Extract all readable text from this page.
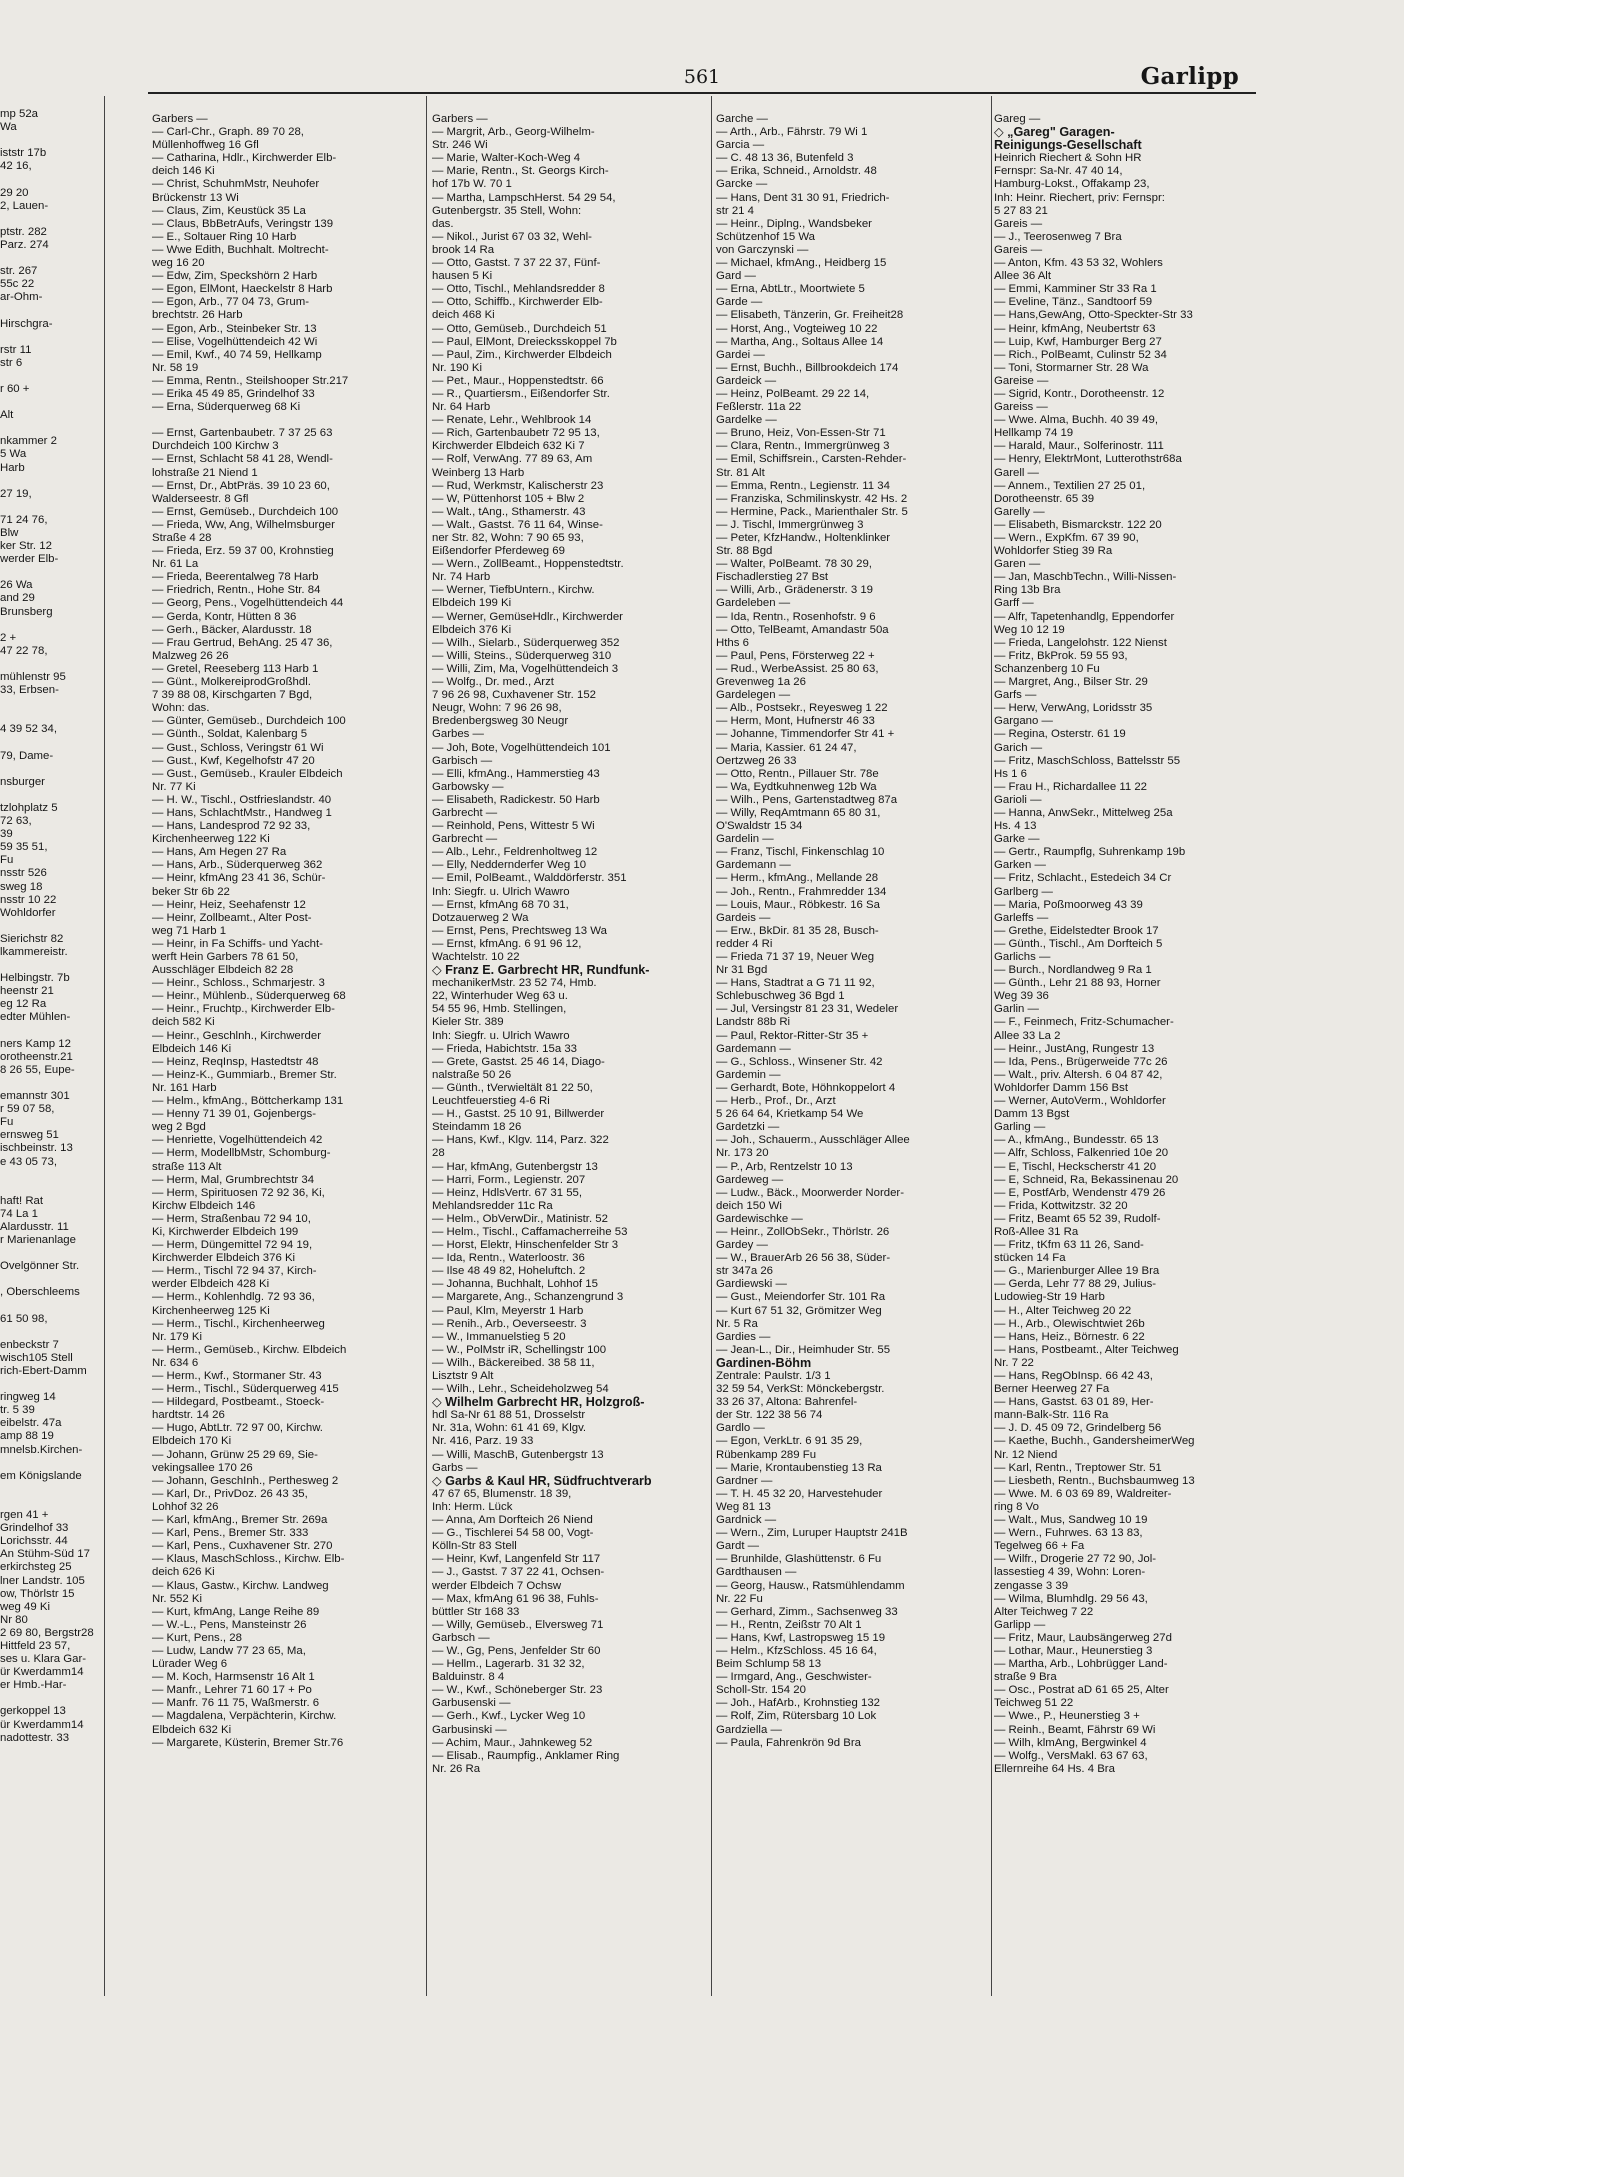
561	Garlipp
mp 52a
Wa

iststr 17b
42 16,

29 20
2, Lauen-

ptstr. 282
Parz. 274

str. 267
55c 22
ar-Ohm-

Hirschgra-

rstr 11
str 6

r 60 +

Alt

nkammer 2
5 Wa
Harb

27 19,

71 24 76,
Blw
ker Str. 12
werder Elb-

26 Wa
and 29
Brunsberg

2 +
47 22 78,

mühlenstr 95
33, Erbsen-

4 39 52 34,

79, Dame-

nsburger

tzlohplatz 5
72 63,
39
59 35 51,
Fu
nsstr 526
sweg 18
nsstr 10 22
Wohldorfer

Sierichstr 82
lkammereistr.

Helbingstr. 7b
heenstr 21
eg 12 Ra
edter Mühlen-

ners Kamp 12
orotheenstr.21
8 26 55, Eupe-

emannstr 301
r 59 07 58,
Fu
ernsweg 51
ischbeinstr. 13
e 43 05 73,

haft! Rat
74 La 1
Alardusstr. 11
r Marienanlage

Ovelgönner Str.

, Oberschleems

61 50 98,

enbeckstr 7
wisch105 Stell
rich-Ebert-Damm

ringweg 14
tr. 5 39
eibelstr. 47a
amp 88 19
mnelsb.Kirchen-

em Königslande

rgen 41 +
Grindelhof 33
Lorichsstr. 44
An Stühm-Süd 17
erkirchsteg 25
lner Landstr. 105
ow, Thörlstr 15
weg 49 Ki
Nr 80
2 69 80, Bergstr28
Hittfeld 23 57,
ses u. Klara Gar-
ür Kwerdamm14
er Hmb.-Har-

gerkoppel 13
ür Kwerdamm14
nadottestr. 33
Garbers —
— Carl-Chr., Graph. 89 70 28,
Müllenhoffweg 16 Gfl
— Catharina, Hdlr., Kirchwerder Elb-
deich 146 Ki
— Christ, SchuhmMstr, Neuhofer
Brückenstr 13 Wi
— Claus, Zim, Keustück 35 La
— Claus, BbBetrAufs, Veringstr 139
— E., Soltauer Ring 10 Harb
— Wwe Edith, Buchhalt. Moltrecht-
weg 16 20
— Edw, Zim, Speckshörn 2 Harb
— Egon, ElMont, Haeckelstr 8 Harb
— Egon, Arb., 77 04 73, Grum-
brechtstr. 26 Harb
— Egon, Arb., Steinbeker Str. 13
— Elise, Vogelhüttendeich 42 Wi
— Emil, Kwf., 40 74 59, Hellkamp
Nr. 58 19
— Emma, Rentn., Steilshooper Str.217
— Erika 45 49 85, Grindelhof 33
— Erna, Süderquerweg 68 Ki

— Ernst, Gartenbaubetr. 7 37 25 63
Durchdeich 100 Kirchw 3
— Ernst, Schlacht 58 41 28, Wendl-
lohstraße 21 Niend 1
— Ernst, Dr., AbtPräs. 39 10 23 60,
Walderseestr. 8 Gfl
— Ernst, Gemüseb., Durchdeich 100
— Frieda, Ww, Ang, Wilhelmsburger
Straße 4 28
— Frieda, Erz. 59 37 00, Krohnstieg
Nr. 61 La
— Frieda, Beerentalweg 78 Harb
— Friedrich, Rentn., Hohe Str. 84
— Georg, Pens., Vogelhüttendeich 44
— Gerda, Kontr, Hütten 8 36
— Gerh., Bäcker, Alardusstr. 18
— Frau Gertrud, BehAng. 25 47 36,
Malzweg 26 26
— Gretel, Reeseberg 113 Harb 1
— Günt., MolkereiprodGroßhdl.
7 39 88 08, Kirschgarten 7 Bgd,
Wohn: das.
— Günter, Gemüseb., Durchdeich 100
— Günth., Soldat, Kalenbarg 5
— Gust., Schloss, Veringstr 61 Wi
— Gust., Kwf, Kegelhofstr 47 20
— Gust., Gemüseb., Krauler Elbdeich
Nr. 77 Ki
— H. W., Tischl., Ostfrieslandstr. 40
— Hans, SchlachtMstr., Handweg 1
— Hans, Landesprod 72 92 33,
Kirchenheerweg 122 Ki
— Hans, Am Hegen 27 Ra
— Hans, Arb., Süderquerweg 362
— Heinr, kfmAng 23 41 36, Schür-
beker Str 6b 22
— Heinr, Heiz, Seehafenstr 12
— Heinr, Zollbeamt., Alter Post-
weg 71 Harb 1
— Heinr, in Fa Schiffs- und Yacht-
werft Hein Garbers 78 61 50,
Ausschläger Elbdeich 82 28
— Heinr., Schloss., Schmarjestr. 3
— Heinr., Mühlenb., Süderquerweg 68
— Heinr., Fruchtp., Kirchwerder Elb-
deich 582 Ki
— Heinr., Geschlnh., Kirchwerder
Elbdeich 146 Ki
— Heinz, ReqInsp, Hastedtstr 48
— Heinz-K., Gummiarb., Bremer Str.
Nr. 161 Harb
— Helm., kfmAng., Böttcherkamp 131
— Henny 71 39 01, Gojenbergs-
weg 2 Bgd
— Henriette, Vogelhüttendeich 42
— Herm, ModellbMstr, Schomburg-
straße 113 Alt
— Herm, Mal, Grumbrechtstr 34
— Herm, Spirituosen 72 92 36, Ki,
Kirchw Elbdeich 146
— Herm, Straßenbau 72 94 10,
Ki, Kirchwerder Elbdeich 199
— Herm, Düngemittel 72 94 19,
Kirchwerder Elbdeich 376 Ki
— Herm., Tischl 72 94 37, Kirch-
werder Elbdeich 428 Ki
— Herm., Kohlenhdlg. 72 93 36,
Kirchenheerweg 125 Ki
— Herm., Tischl., Kirchenheerweg
Nr. 179 Ki
— Herm., Gemüseb., Kirchw. Elbdeich
Nr. 634 6
— Herm., Kwf., Stormaner Str. 43
— Herm., Tischl., Süderquerweg 415
— Hildegard, Postbeamt., Stoeck-
hardtstr. 14 26
— Hugo, AbtLtr. 72 97 00, Kirchw.
Elbdeich 170 Ki
— Johann, Grünw 25 29 69, Sie-
vekingsallee 170 26
— Johann, GeschInh., Perthesweg 2
— Karl, Dr., PrivDoz. 26 43 35,
Lohhof 32 26
— Karl, kfmAng., Bremer Str. 269a
— Karl, Pens., Bremer Str. 333
— Karl, Pens., Cuxhavener Str. 270
— Klaus, MaschSchloss., Kirchw. Elb-
deich 626 Ki
— Klaus, Gastw., Kirchw. Landweg
Nr. 552 Ki
— Kurt, kfmAng, Lange Reihe 89
— W.-L., Pens, Mansteinstr 26
— Kurt, Pens., 28
— Ludw, Landw 77 23 65, Ma,
Lürader Weg 6
— M. Koch, Harmsenstr 16 Alt 1
— Manfr., Lehrer 71 60 17 + Po
— Manfr. 76 11 75, Waßmerstr. 6
— Magdalena, Verpächterin, Kirchw.
Elbdeich 632 Ki
— Margarete, Küsterin, Bremer Str.76
Garbers —
— Margrit, Arb., Georg-Wilhelm-
Str. 246 Wi
— Marie, Walter-Koch-Weg 4
— Marie, Rentn., St. Georgs Kirch-
hof 17b W. 70 1
— Martha, LampschHerst. 54 29 54,
Gutenbergstr. 35 Stell, Wohn:
das.
— Nikol., Jurist 67 03 32, Wehl-
brook 14 Ra
— Otto, Gastst. 7 37 22 37, Fünf-
hausen 5 Ki
— Otto, Tischl., Mehlandsredder 8
— Otto, Schiffb., Kirchwerder Elb-
deich 468 Ki
— Otto, Gemüseb., Durchdeich 51
— Paul, ElMont, Dreiecksskoppel 7b
— Paul, Zim., Kirchwerder Elbdeich
Nr. 190 Ki
— Pet., Maur., Hoppenstedtstr. 66
— R., Quartiersm., Eißendorfer Str.
Nr. 64 Harb
— Renate, Lehr., Wehlbrook 14
— Rich, Gartenbaubetr 72 95 13,
Kirchwerder Elbdeich 632 Ki 7
— Rolf, VerwAng. 77 89 63, Am
Weinberg 13 Harb
— Rud, Werkmstr, Kalischerstr 23
— W, Püttenhorst 105 + Blw 2
— Walt., tAng., Sthamerstr. 43
— Walt., Gastst. 76 11 64, Winse-
ner Str. 82, Wohn: 7 90 65 93,
Eißendorfer Pferdeweg 69
— Wern., ZollBeamt., Hoppenstedtstr.
Nr. 74 Harb
— Werner, TiefbUntern., Kirchw.
Elbdeich 199 Ki
— Werner, GemüseHdlr., Kirchwerder
Elbdeich 376 Ki
— Wilh., Sielarb., Süderquerweg 352
— Willi, Steins., Süderquerweg 310
— Willi, Zim, Ma, Vogelhüttendeich 3
— Wolfg., Dr. med., Arzt
7 96 26 98, Cuxhavener Str. 152
Neugr, Wohn: 7 96 26 98,
Bredenbergsweg 30 Neugr
Garbes —
— Joh, Bote, Vogelhüttendeich 101
Garbisch —
— Elli, kfmAng., Hammerstieg 43
Garbowsky —
— Elisabeth, Radickestr. 50 Harb
Garbrecht —
— Reinhold, Pens, Wittestr 5 Wi
Garbrecht —
— Alb., Lehr., Feldrenholtweg 12
— Elly, Neddernderfer Weg 10
— Emil, PolBeamt., Walddörferstr. 351
Inh: Siegfr. u. Ulrich Wawro
— Ernst, kfmAng 68 70 31,
Dotzauerweg 2 Wa
— Ernst, Pens, Prechtsweg 13 Wa
— Ernst, kfmAng. 6 91 96 12,
Wachtelstr. 10 22
◇ Franz E. Garbrecht HR, Rundfunk-
mechanikerMstr. 23 52 74, Hmb.
22, Winterhuder Weg 63 u.
54 55 96, Hmb. Stellingen,
Kieler Str. 389
Inh: Siegfr. u. Ulrich Wawro
— Frieda, Habichtstr. 15a 33
— Grete, Gastst. 25 46 14, Diago-
nalstraße 50 26
— Günth., tVerwieltält 81 22 50,
Leuchtfeuerstieg 4-6 Ri
— H., Gastst. 25 10 91, Billwerder
Steindamm 18 26
— Hans, Kwf., Klgv. 114, Parz. 322
28
— Har, kfmAng, Gutenbergstr 13
— Harri, Form., Legienstr. 207
— Heinz, HdlsVertr. 67 31 55,
Mehlandsredder 11c Ra
— Helm., ObVerwDir., Matinistr. 52
— Helm., Tischl., Caffamacherreihe 53
— Horst, Elektr, Hinschenfelder Str 3
— Ida, Rentn., Waterloostr. 36
— Ilse 48 49 82, Hoheluftch. 2
— Johanna, Buchhalt, Lohhof 15
— Margarete, Ang., Schanzengrund 3
— Paul, Klm, Meyerstr 1 Harb
— Renih., Arb., Oeverseestr. 3
— W., Immanuelstieg 5 20
— W., PolMstr iR, Schellingstr 100
— Wilh., Bäckereibed. 38 58 11,
Lisztstr 9 Alt
— Wilh., Lehr., Scheideholzweg 54
◇ Wilhelm Garbrecht HR, Holzgroß-
hdl Sa-Nr 61 88 51, Drosselstr
Nr. 31a, Wohn: 61 41 69, Klgv.
Nr. 416, Parz. 19 33
— Willi, MaschB, Gutenbergstr 13
Garbs —
◇ Garbs & Kaul HR, Südfruchtverarb
47 67 65, Blumenstr. 18 39,
Inh: Herm. Lück
— Anna, Am Dorfteich 26 Niend
— G., Tischlerei 54 58 00, Vogt-
Kölln-Str 83 Stell
— Heinr, Kwf, Langenfeld Str 117
— J., Gastst. 7 37 22 41, Ochsen-
werder Elbdeich 7 Ochsw
— Max, kfmAng 61 96 38, Fuhls-
büttler Str 168 33
— Willy, Gemüseb., Elversweg 71
Garbsch —
— W., Gg, Pens, Jenfelder Str 60
— Hellm., Lagerarb. 31 32 32,
Balduinstr. 8 4
— W., Kwf., Schöneberger Str. 23
Garbusenski —
— Gerh., Kwf., Lycker Weg 10
Garbusinski —
— Achim, Maur., Jahnkeweg 52
— Elisab., Raumpfig., Anklamer Ring
Nr. 26 Ra
Garche —
— Arth., Arb., Fährstr. 79 Wi 1
Garcia —
— C. 48 13 36, Butenfeld 3
— Erika, Schneid., Arnoldstr. 48
Garcke —
— Hans, Dent 31 30 91, Friedrich-
str 21 4
— Heinr., Diplng., Wandsbeker
Schützenhof 15 Wa
von Garczynski —
— Michael, kfmAng., Heidberg 15
Gard —
— Erna, AbtLtr., Moortwiete 5
Garde —
— Elisabeth, Tänzerin, Gr. Freiheit28
— Horst, Ang., Vogteiweg 10 22
— Martha, Ang., Soltaus Allee 14
Gardei —
— Ernst, Buchh., Billbrookdeich 174
Gardeick —
— Heinz, PolBeamt. 29 22 14,
Feßlerstr. 11a 22
Gardelke —
— Bruno, Heiz, Von-Essen-Str 71
— Clara, Rentn., Immergrünweg 3
— Emil, Schiffsrein., Carsten-Rehder-
Str. 81 Alt
— Emma, Rentn., Legienstr. 11 34
— Franziska, Schmilinskystr. 42 Hs. 2
— Hermine, Pack., Marienthaler Str. 5
— J. Tischl, Immergrünweg 3
— Peter, KfzHandw., Holtenklinker
Str. 88 Bgd
— Walter, PolBeamt. 78 30 29,
Fischadlerstieg 27 Bst
— Willi, Arb., Grädenerstr. 3 19
Gardeleben —
— Ida, Rentn., Rosenhofstr. 9 6
— Otto, TelBeamt, Amandastr 50a
Hths 6
— Paul, Pens, Försterweg 22 +
— Rud., WerbeAssist. 25 80 63,
Grevenweg 1a 26
Gardelegen —
— Alb., Postsekr., Reyesweg 1 22
— Herm, Mont, Hufnerstr 46 33
— Johanne, Timmendorfer Str 41 +
— Maria, Kassier. 61 24 47,
Oertzweg 26 33
— Otto, Rentn., Pillauer Str. 78e
— Wa, Eydtkuhnenweg 12b Wa
— Wilh., Pens, Gartenstadtweg 87a
— Willy, ReqAmtmann 65 80 31,
O'Swaldstr 15 34
Gardelin —
— Franz, Tischl, Finkenschlag 10
Gardemann —
— Herm., kfmAng., Mellande 28
— Joh., Rentn., Frahmredder 134
— Louis, Maur., Röbkestr. 16 Sa
Gardeis —
— Erw., BkDir. 81 35 28, Busch-
redder 4 Ri
— Frieda 71 37 19, Neuer Weg
Nr 31 Bgd
— Hans, Stadtrat a G 71 11 92,
Schlebuschweg 36 Bgd 1
— Jul, Versingstr 81 23 31, Wedeler
Landstr 88b Ri
— Paul, Rektor-Ritter-Str 35 +
Gardemann —
— G., Schloss., Winsener Str. 42
Gardemin —
— Gerhardt, Bote, Höhnkoppelort 4
— Herb., Prof., Dr., Arzt
5 26 64 64, Krietkamp 54 We
Gardetzki —
— Joh., Schauerm., Ausschläger Allee
Nr. 173 20
— P., Arb, Rentzelstr 10 13
Gardeweg —
— Ludw., Bäck., Moorwerder Norder-
deich 150 Wi
Gardewischke —
— Heinr., ZollObSekr., Thörlstr. 26
Gardey —
— W., BrauerArb 26 56 38, Süder-
str 347a 26
Gardiewski —
— Gust., Meiendorfer Str. 101 Ra
— Kurt 67 51 32, Grömitzer Weg
Nr. 5 Ra
Gardies —
— Jean-L., Dir., Heimhuder Str. 55
Gardinen-Böhm
Zentrale: Paulstr. 1/3 1
32 59 54, VerkSt: Mönckebergstr.
33 26 37, Altona: Bahrenfel-
der Str. 122 38 56 74
Gardlo —
— Egon, VerkLtr. 6 91 35 29,
Rübenkamp 289 Fu
— Marie, Krontaubenstieg 13 Ra
Gardner —
— T. H. 45 32 20, Harvestehuder
Weg 81 13
Gardnick —
— Wern., Zim, Luruper Hauptstr 241B
Gardt —
— Brunhilde, Glashüttenstr. 6 Fu
Gardthausen —
— Georg, Hausw., Ratsmühlendamm
Nr. 22 Fu
— Gerhard, Zimm., Sachsenweg 33
— H., Rentn, Zeißstr 70 Alt 1
— Hans, Kwf, Lastropsweg 15 19
— Helm., KfzSchloss. 45 16 64,
Beim Schlump 58 13
— Irmgard, Ang., Geschwister-
Scholl-Str. 154 20
— Joh., HafArb., Krohnstieg 132
— Rolf, Zim, Rütersbarg 10 Lok
Gardziella —
— Paula, Fahrenkrön 9d Bra
Gareg —
◇ „Gareg" Garagen-
Reinigungs-Gesellschaft
Heinrich Riechert & Sohn HR
Fernspr: Sa-Nr. 47 40 14,
Hamburg-Lokst., Offakamp 23,
Inh: Heinr. Riechert, priv: Fernspr:
5 27 83 21
Gareis —
— J., Teerosenweg 7 Bra
Gareis —
— Anton, Kfm. 43 53 32, Wohlers
Allee 36 Alt
— Emmi, Kamminer Str 33 Ra 1
— Eveline, Tänz., Sandtoorf 59
— Hans,GewAng, Otto-Speckter-Str 33
— Heinr, kfmAng, Neubertstr 63
— Luip, Kwf, Hamburger Berg 27
— Rich., PolBeamt, Culinstr 52 34
— Toni, Stormarner Str. 28 Wa
Gareise —
— Sigrid, Kontr., Dorotheenstr. 12
Gareiss —
— Wwe. Alma, Buchh. 40 39 49,
Hellkamp 74 19
— Harald, Maur., Solferinostr. 111
— Henry, ElektrMont, Lutterothstr68a
Garell —
— Annem., Textilien 27 25 01,
Dorotheenstr. 65 39
Garelly —
— Elisabeth, Bismarckstr. 122 20
— Wern., ExpKfm. 67 39 90,
Wohldorfer Stieg 39 Ra
Garen —
— Jan, MaschbTechn., Willi-Nissen-
Ring 13b Bra
Garff —
— Alfr, Tapetenhandlg, Eppendorfer
Weg 10 12 19
— Frieda, Langelohstr. 122 Nienst
— Fritz, BkProk. 59 55 93,
Schanzenberg 10 Fu
— Margret, Ang., Bilser Str. 29
Garfs —
— Herw, VerwAng, Loridsstr 35
Gargano —
— Regina, Osterstr. 61 19
Garich —
— Fritz, MaschSchloss, Battelsstr 55
Hs 1 6
— Frau H., Richardallee 11 22
Garioli —
— Hanna, AnwSekr., Mittelweg 25a
Hs. 4 13
Garke —
— Gertr., Raumpflg, Suhrenkamp 19b
Garken —
— Fritz, Schlacht., Estedeich 34 Cr
Garlberg —
— Maria, Poßmoorweg 43 39
Garleffs —
— Grethe, Eidelstedter Brook 17
— Günth., Tischl., Am Dorfteich 5
Garlichs —
— Burch., Nordlandweg 9 Ra 1
— Günth., Lehr 21 88 93, Horner
Weg 39 36
Garlin —
— F., Feinmech, Fritz-Schumacher-
Allee 33 La 2
— Heinr., JustAng, Rungestr 13
— Ida, Pens., Brügerweide 77c 26
— Walt., priv. Altersh. 6 04 87 42,
Wohldorfer Damm 156 Bst
— Werner, AutoVerm., Wohldorfer
Damm 13 Bgst
Garling —
— A., kfmAng., Bundesstr. 65 13
— Alfr, Schloss, Falkenried 10e 20
— E, Tischl, Heckscherstr 41 20
— E, Schneid, Ra, Bekassinenau 20
— E, PostfArb, Wendenstr 479 26
— Frida, Kottwitzstr. 32 20
— Fritz, Beamt 65 52 39, Rudolf-
Roß-Allee 31 Ra
— Fritz, tKfm 63 11 26, Sand-
stücken 14 Fa
— G., Marienburger Allee 19 Bra
— Gerda, Lehr 77 88 29, Julius-
Ludowieg-Str 19 Harb
— H., Alter Teichweg 20 22
— H., Arb., Olewischtwiet 26b
— Hans, Heiz., Börnestr. 6 22
— Hans, Postbeamt., Alter Teichweg
Nr. 7 22
— Hans, RegObInsp. 66 42 43,
Berner Heerweg 27 Fa
— Hans, Gastst. 63 01 89, Her-
mann-Balk-Str. 116 Ra
— J. D. 45 09 72, Grindelberg 56
— Kaethe, Buchh., GandersheimerWeg
Nr. 12 Niend
— Karl, Rentn., Treptower Str. 51
— Liesbeth, Rentn., Buchsbaumweg 13
— Wwe. M. 6 03 69 89, Waldreiter-
ring 8 Vo
— Walt., Mus, Sandweg 10 19
— Wern., Fuhrwes. 63 13 83,
Tegelweg 66 + Fa
— Wilfr., Drogerie 27 72 90, Jol-
lassestieg 4 39, Wohn: Loren-
zengasse 3 39
— Wilma, Blumhdlg. 29 56 43,
Alter Teichweg 7 22
Garlipp —
— Fritz, Maur, Laubsängerweg 27d
— Lothar, Maur., Heunerstieg 3
— Martha, Arb., Lohbrügger Land-
straße 9 Bra
— Osc., Postrat aD 61 65 25, Alter
Teichweg 51 22
— Wwe., P., Heunerstieg 3 +
— Reinh., Beamt, Fährstr 69 Wi
— Wilh, klmAng, Bergwinkel 4
— Wolfg., VersMakl. 63 67 63,
Ellernreihe 64 Hs. 4 Bra
